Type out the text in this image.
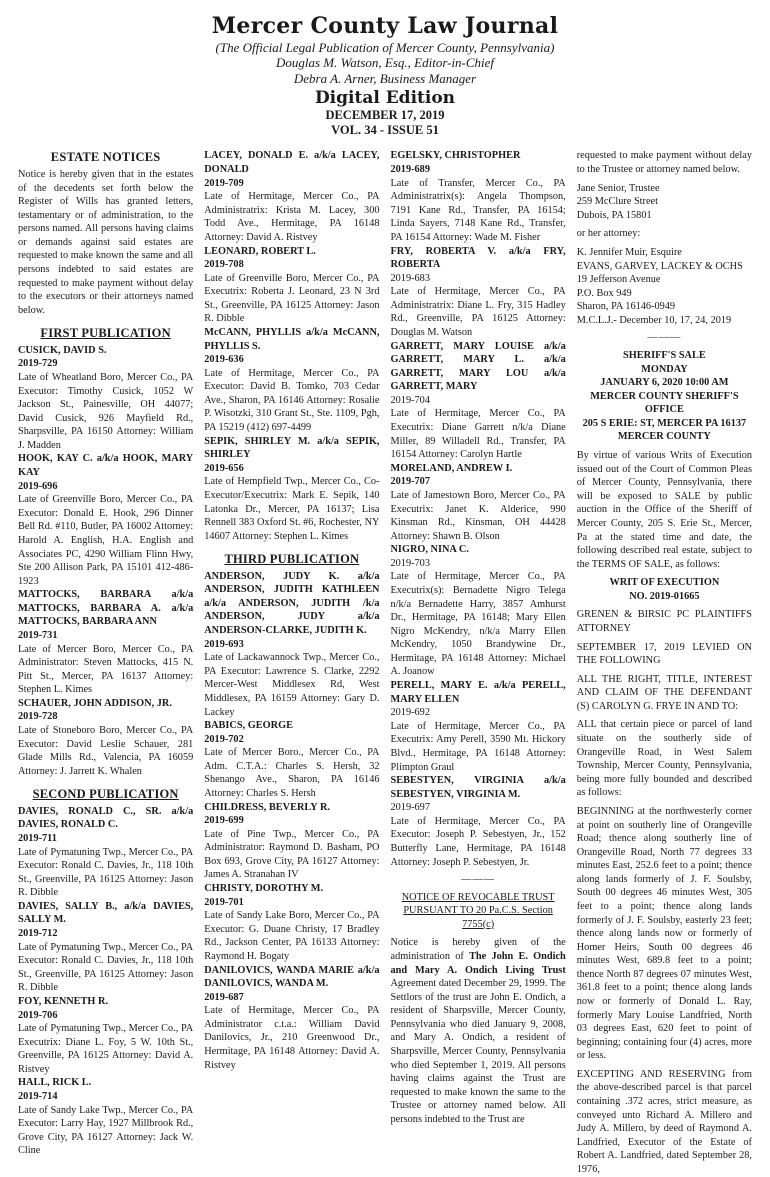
Mercer County Law Journal
(The Official Legal Publication of Mercer County, Pennsylvania)
Douglas M. Watson, Esq., Editor-in-Chief
Debra A. Arner, Business Manager
Digital Edition
DECEMBER 17, 2019
VOL. 34 - ISSUE 51
ESTATE NOTICES

Notice is hereby given that in the estates of the decedents set forth below the Register of Wills has granted letters, testamentary or of administration, to the persons named. All persons having claims or demands against said estates are requested to make known the same and all persons indebted to said estates are requested to make payment without delay to the executors or their attorneys named below.

FIRST PUBLICATION

CUSICK, DAVID S.

2019-729

Late of Wheatland Boro, Mercer Co., PA Executor: Timothy Cusick, 1052 W Jackson St., Painesville, OH 44077; David Cusick, 926 Mayfield Rd., Sharpsville, PA 16150 Attorney: William J. Madden

HOOK, KAY C. a/k/a HOOK, MARY KAY

2019-696

Late of Greenville Boro, Mercer Co., PA Executor: Donald E. Hook, 296 Dinner Bell Rd. #110, Butler, PA 16002 Attorney: Harold A. English, H.A. English and Associates PC, 4290 William Flinn Hwy, Ste 200 Allison Park, PA 15101 412-486-1923

MATTOCKS, BARBARA a/k/a MATTOCKS, BARBARA A. a/k/a MATTOCKS, BARBARA ANN

2019-731

Late of Mercer Boro, Mercer Co., PA Administrator: Steven Mattocks, 415 N. Pitt St., Mercer, PA 16137 Attorney: Stephen L. Kimes

SCHAUER, JOHN ADDISON, JR.

2019-728

Late of Stoneboro Boro, Mercer Co., PA Executor: David Leslie Schauer, 281 Glade Mills Rd., Valencia, PA 16059 Attorney: J. Jarrett K. Whalen

SECOND PUBLICATION

DAVIES, RONALD C., SR. a/k/a DAVIES, RONALD C.

2019-711

Late of Pymatuning Twp., Mercer Co., PA Executor: Ronald C. Davies, Jr., 118 10th St., Greenville, PA 16125 Attorney: Jason R. Dibble

DAVIES, SALLY B., a/k/a DAVIES, SALLY M.

2019-712

Late of Pymatuning Twp., Mercer Co., PA Executor: Ronald C. Davies, Jr., 118 10th St., Greenville, PA 16125 Attorney: Jason R. Dibble

FOY, KENNETH R.

2019-706

Late of Pymatuning Twp., Mercer Co., PA Executrix: Diane L. Foy, 5 W. 10th St., Greenville, PA 16125 Attorney: David A. Ristvey

HALL, RICK L.

2019-714

Late of Sandy Lake Twp., Mercer Co., PA Executor: Larry Hay, 1927 Millbrook Rd., Grove City, PA 16127 Attorney: Jack W. Cline

LACEY, DONALD E. a/k/a LACEY, DONALD

2019-709

Late of Hermitage, Mercer Co., PA Administratrix: Krista M. Lacey, 300 Todd Ave., Hermitage, PA 16148 Attorney: David A. Ristvey

LEONARD, ROBERT L.

2019-708

Late of Greenville Boro, Mercer Co., PA Executrix: Roberta J. Leonard, 23 N 3rd St., Greenville, PA 16125 Attorney: Jason R. Dibble

McCANN, PHYLLIS a/k/a McCANN, PHYLLIS S.

2019-636

Late of Hermitage, Mercer Co., PA Executor: David B. Tomko, 703 Cedar Ave., Sharon, PA 16146 Attorney: Rosalie P. Wisotzki, 310 Grant St., Ste. 1109, Pgh, PA 15219 (412) 697-4499

SEPIK, SHIRLEY M. a/k/a SEPIK, SHIRLEY

2019-656

Late of Hempfield Twp., Mercer Co., Co-Executor/Executrix: Mark E. Sepik, 140 Latonka Dr., Mercer, PA 16137; Lisa Rennell 383 Oxford St. #6, Rochester, NY 14607 Attorney: Stephen L. Kimes

THIRD PUBLICATION

ANDERSON, JUDY K. a/k/a ANDERSON, JUDITH KATHLEEN a/k/a ANDERSON, JUDITH /k/a ANDERSON, JUDY a/k/a ANDERSON-CLARKE, JUDITH K.

2019-693

Late of Lackawannock Twp., Mercer Co., PA Executor: Lawrence S. Clarke, 2292 Mercer-West Middlesex Rd, West Middlesex, PA 16159 Attorney: Gary D. Lackey

BABICS, GEORGE

2019-702

Late of Mercer Boro., Mercer Co., PA Adm. C.T.A.: Charles S. Hersh, 32 Shenango Ave., Sharon, PA 16146 Attorney: Charles S. Hersh

CHILDRESS, BEVERLY R.

2019-699

Late of Pine Twp., Mercer Co., PA Administrator: Raymond D. Basham, PO Box 693, Grove City, PA 16127 Attorney: James A. Stranahan IV

CHRISTY, DOROTHY M.

2019-701

Late of Sandy Lake Boro, Mercer Co., PA Executor: G. Duane Christy, 17 Bradley Rd., Jackson Center, PA 16133 Attorney: Raymond H. Bogaty

DANILOVICS, WANDA MARIE a/k/a DANILOVICS, WANDA M.

2019-687

Late of Hermitage, Mercer Co., PA Administrator c.t.a.: William David Danilovics, Jr., 210 Greenwood Dr., Hermitage, PA 16148 Attorney: David A. Ristvey

EGELSKY, CHRISTOPHER

2019-689

Late of Transfer, Mercer Co., PA Administratrix(s): Angela Thompson, 7191 Kane Rd., Transfer, PA 16154; Linda Sayers, 7148 Kane Rd., Transfer, PA 16154 Attorney: Wade M. Fisher

FRY, ROBERTA V. a/k/a FRY, ROBERTA

2019-683

Late of Hermitage, Mercer Co., PA Administratrix: Diane L. Fry, 315 Hadley Rd., Greenville, PA 16125 Attorney: Douglas M. Watson

GARRETT, MARY LOUISE a/k/a GARRETT, MARY L. a/k/a GARRETT, MARY LOU a/k/a GARRETT, MARY

2019-704

Late of Hermitage, Mercer Co., PA Executrix: Diane Garrett n/k/a Diane Miller, 89 Willadell Rd., Transfer, PA 16154 Attorney: Carolyn Hartle

MORELAND, ANDREW I.

2019-707

Late of Jamestown Boro, Mercer Co., PA Executrix: Janet K. Alderice, 990 Kinsman Rd., Kinsman, OH 44428 Attorney: Shawn B. Olson

NIGRO, NINA C.

2019-703

Late of Hermitage, Mercer Co., PA Executrix(s): Bernadette Nigro Telega n/k/a Bernadette Harry, 3857 Amhurst Dr., Hermitage, PA 16148; Mary Ellen Nigro McKendry, n/k/a Marry Ellen McKendry, 1050 Brandywine Dr., Hermitage, PA 16148 Attorney: Michael A. Joanow

PERELL, MARY E. a/k/a PERELL, MARY ELLEN

2019-692

Late of Hermitage, Mercer Co., PA Executrix: Amy Perell, 3590 Mt. Hickory Blvd., Hermitage, PA 16148 Attorney: Plimpton Graul

SEBESTYEN, VIRGINIA a/k/a SEBESTYEN, VIRGINIA M.

2019-697

Late of Hermitage, Mercer Co., PA Executor: Joseph P. Sebestyen, Jr., 152 Butterfly Lane, Hermitage, PA 16148 Attorney: Joseph P. Sebestyen, Jr.

———
NOTICE OF REVOCABLE TRUST PURSUANT TO 20 Pa.C.S. Section 7755(c)

Notice is hereby given of the administration of The John E. Ondich and Mary A. Ondich Living Trust Agreement dated December 29, 1999. The Settlors of the trust are John E. Ondich, a resident of Sharpsville, Mercer County, Pennsylvania who died January 9, 2008, and Mary A. Ondich, a resident of Sharpsville, Mercer County, Pennsylvania who died September 1, 2019. All persons having claims against the Trust are requested to make known the same to the Trustee or attorney named below. All persons indebted to the Trust are

requested to make payment without delay to the Trustee or attorney named below.

Jane Senior, Trustee

259 McClure Street

Dubois, PA 15801

or her attorney:

K. Jennifer Muir, Esquire

EVANS, GARVEY, LACKEY & OCHS

19 Jefferson Avenue

P.O. Box 949

Sharon, PA 16146-0949

M.C.L.J.- December 10, 17, 24, 2019

———
SHERIFF'S SALE
MONDAY
JANUARY 6, 2020 10:00 AM
MERCER COUNTY SHERIFF'S OFFICE
205 S ERIE: ST, MERCER PA 16137
MERCER COUNTY

By virtue of various Writs of Execution issued out of the Court of Common Pleas of Mercer County, Pennsylvania, there will be exposed to SALE by public auction in the Office of the Sheriff of Mercer County, 205 S. Erie St., Mercer, Pa at the stated time and date, the following described real estate, subject to the TERMS OF SALE, as follows:

WRIT OF EXECUTION
NO. 2019-01665

GRENEN & BIRSIC PC PLAINTIFFS ATTORNEY

SEPTEMBER 17, 2019 LEVIED ON THE FOLLOWING

ALL THE RIGHT, TITLE, INTEREST AND CLAIM OF THE DEFENDANT (S) CAROLYN G. FRYE IN AND TO:

ALL that certain piece or parcel of land situate on the southerly side of Orangeville Road, in West Salem Township, Mercer County, Pennsylvania, being more fully bounded and described as follows:

BEGINNING at the northwesterly corner at point on southerly line of Orangeville Road; thence along southerly line of Orangeville Road, North 77 degrees 33 minutes East, 252.6 feet to a point; thence along lands formerly of J. F. Soulsby, South 00 degrees 46 minutes West, 305 feet to a point; thence along lands formerly of J. F. Soulsby, easterly 23 feet; thence along lands now or formerly of Homer Heirs, South 00 degrees 46 minutes West, 689.8 feet to a point; thence North 87 degrees 07 minutes West, 361.8 feet to a point; thence along lands now or formerly of Donald L. Ray, formerly Mary Louise Landfried, North 03 degrees East, 620 feet to point of beginning; containing four (4) acres, more or less.

EXCEPTING AND RESERVING from the above-described parcel is that parcel containing .372 acres, strict measure, as conveyed unto Richard A. Millero and Judy A. Millero, by deed of Raymond A. Landfried, Executor of the Estate of Robert A. Landfried, dated September 28, 1976,
